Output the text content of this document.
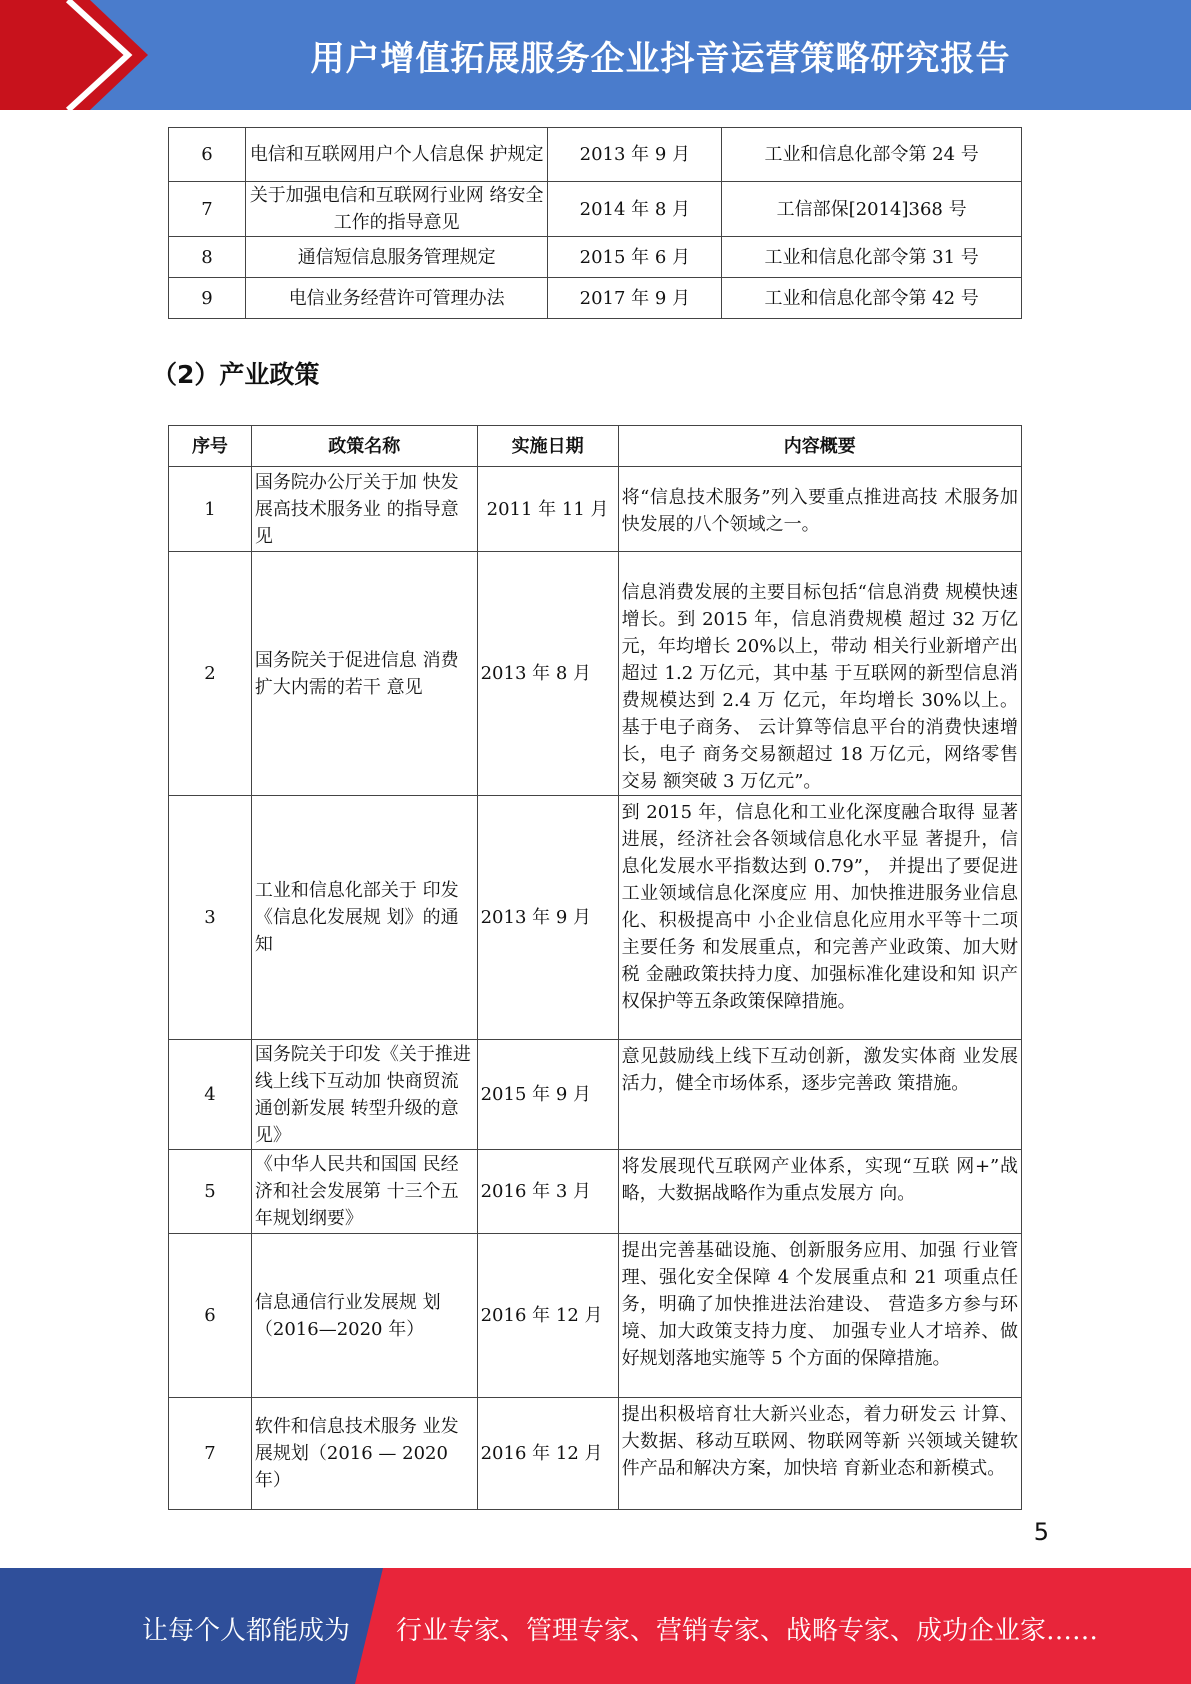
用户增值拓展服务企业抖音运营策略研究报告
6	电信和互联网用户个人信息保 护规定	2013 年 9 月	工业和信息化部令第 24 号
7	关于加强电信和互联网行业网 络安全工作的指导意见	2014 年 8 月	工信部保[2014]368 号
8	通信短信息服务管理规定	2015 年 6 月	工业和信息化部令第 31 号
9	电信业务经营许可管理办法	2017 年 9 月	工业和信息化部令第 42 号
（2）产业政策
序号	政策名称	实施日期	内容概要
1	国务院办公厅关于加 快发展高技术服务业 的指导意见	2011 年 11 月	将“信息技术服务”列入要重点推进高技 术服务加快发展的八个领域之一。
2	国务院关于促进信息 消费扩大内需的若干 意见	2013 年 8 月	信息消费发展的主要目标包括“信息消费 规模快速增长。到 2015 年，信息消费规模 超过 32 万亿元，年均增长 20%以上，带动 相关行业新增产出超过 1.2 万亿元，其中基 于互联网的新型信息消费规模达到 2.4 万 亿元，年均增长 30%以上。基于电子商务、 云计算等信息平台的消费快速增长，电子 商务交易额超过 18 万亿元，网络零售交易 额突破 3 万亿元”。
3	工业和信息化部关于 印发《信息化发展规 划》的通知	2013 年 9 月	到 2015 年，信息化和工业化深度融合取得 显著进展，经济社会各领域信息化水平显 著提升，信息化发展水平指数达到 0.79”， 并提出了要促进工业领域信息化深度应 用、加快推进服务业信息化、积极提高中 小企业信息化应用水平等十二项主要任务 和发展重点，和完善产业政策、加大财税 金融政策扶持力度、加强标准化建设和知 识产权保护等五条政策保障措施。
4	国务院关于印发《关于推进线上线下互动加 快商贸流通创新发展 转型升级的意见》	2015 年 9 月	意见鼓励线上线下互动创新，激发实体商 业发展活力，健全市场体系，逐步完善政 策措施。
5	《中华人民共和国国 民经济和社会发展第 十三个五年规划纲要》	2016 年 3 月	将发展现代互联网产业体系，实现“互联 网+”战略，大数据战略作为重点发展方 向。
6	信息通信行业发展规 划（2016—2020 年）	2016 年 12 月	提出完善基础设施、创新服务应用、加强 行业管理、强化安全保障 4 个发展重点和 21 项重点任务，明确了加快推进法治建设、 营造多方参与环境、加大政策支持力度、 加强专业人才培养、做好规划落地实施等 5 个方面的保障措施。
7	软件和信息技术服务 业发展规划（2016 — 2020 年）	2016 年 12 月	提出积极培育壮大新兴业态，着力研发云 计算、大数据、移动互联网、物联网等新 兴领域关键软件产品和解决方案，加快培 育新业态和新模式。
5
让每个人都能成为 行业专家、管理专家、营销专家、战略专家、成功企业家……
